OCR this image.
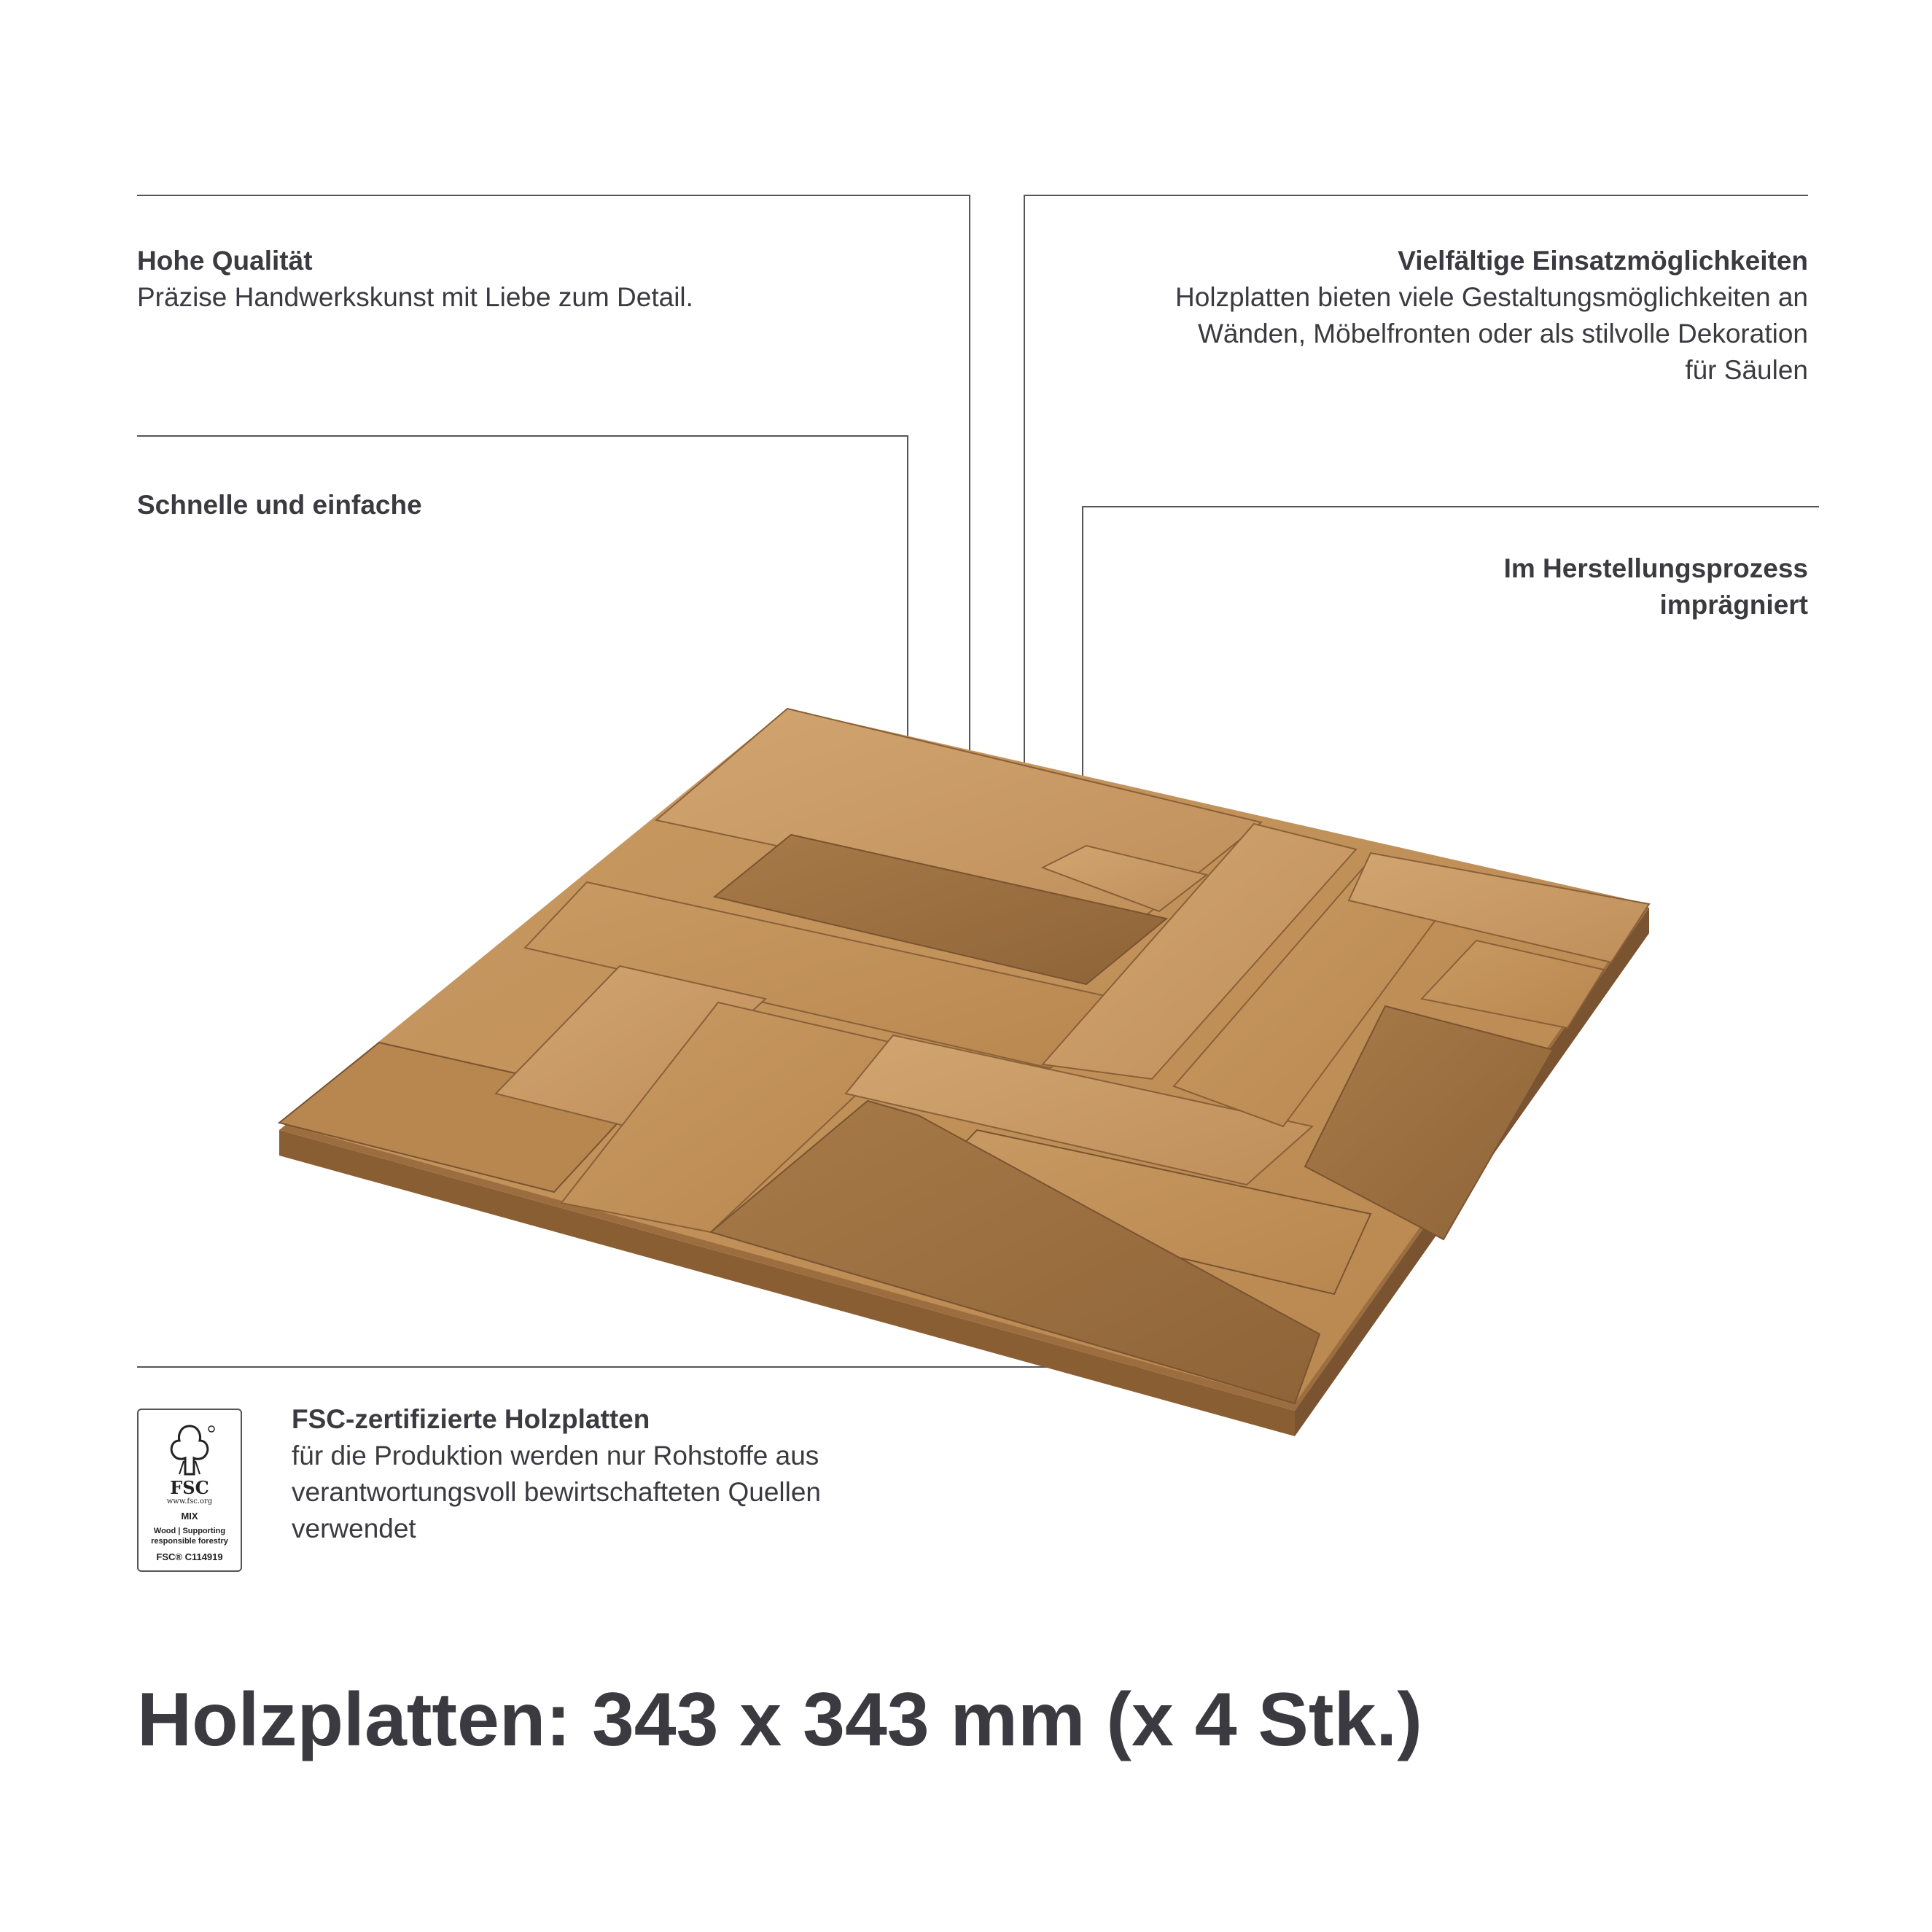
Hohe Qualität
Präzise Handwerkskunst mit Liebe zum Detail.
Vielfältige Einsatzmöglichkeiten
Holzplatten bieten viele Gestaltungsmöglichkeiten an
Wänden, Möbelfronten oder als stilvolle Dekoration
für Säulen
Schnelle und einfache
Im Herstellungsprozess
imprägniert
FSC
www.fsc.org
MIX
Wood | Supporting
responsible forestry
FSC® C114919
FSC-zertifizierte Holzplatten
für die Produktion werden nur Rohstoffe aus
verantwortungsvoll bewirtschafteten Quellen
verwendet
Holzplatten: 343 x 343 mm (x 4 Stk.)
